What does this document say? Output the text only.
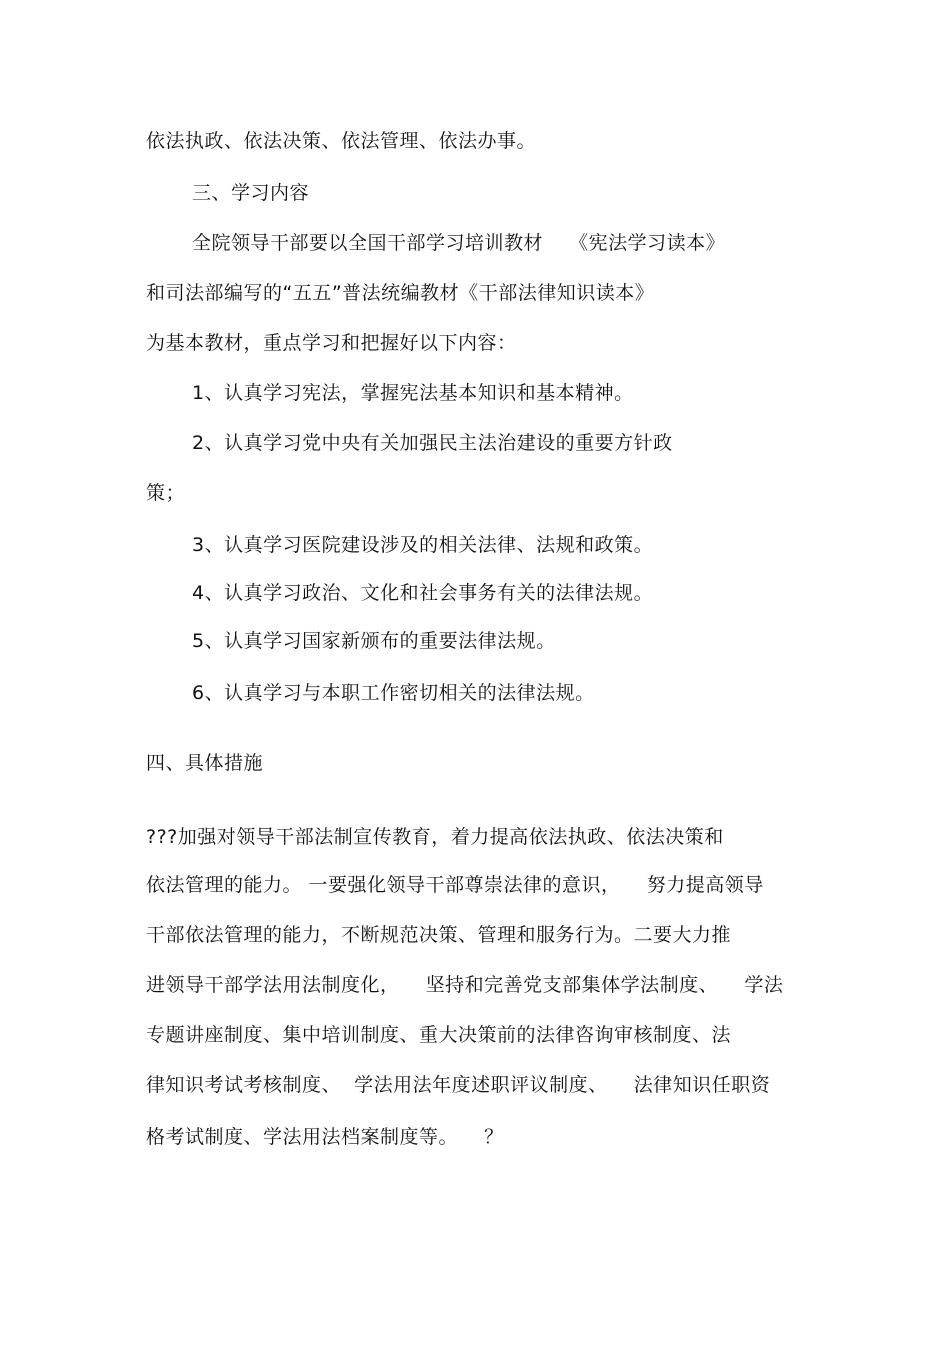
依法执政、依法决策、依法管理、依法办事。
三、学习内容
全院领导干部要以全国干部学习培训教材    《宪法学习读本》
和司法部编写的“五五”普法统编教材《干部法律知识读本》
为基本教材，重点学习和把握好以下内容：
1、认真学习宪法，掌握宪法基本知识和基本精神。
2、认真学习党中央有关加强民主法治建设的重要方针政
策；
3、认真学习医院建设涉及的相关法律、法规和政策。
4、认真学习政治、文化和社会事务有关的法律法规。
5、认真学习国家新颁布的重要法律法规。
6、认真学习与本职工作密切相关的法律法规。
四、具体措施
???加强对领导干部法制宣传教育，着力提高依法执政、依法决策和
依法管理的能力。 一要强化领导干部尊崇法律的意识，    努力提高领导
干部依法管理的能力，不断规范决策、管理和服务行为。二要大力推
进领导干部学法用法制度化，    坚持和完善党支部集体学法制度、    学法
专题讲座制度、集中培训制度、重大决策前的法律咨询审核制度、法
律知识考试考核制度、  学法用法年度述职评议制度、    法律知识任职资
格考试制度、学法用法档案制度等。    ？
